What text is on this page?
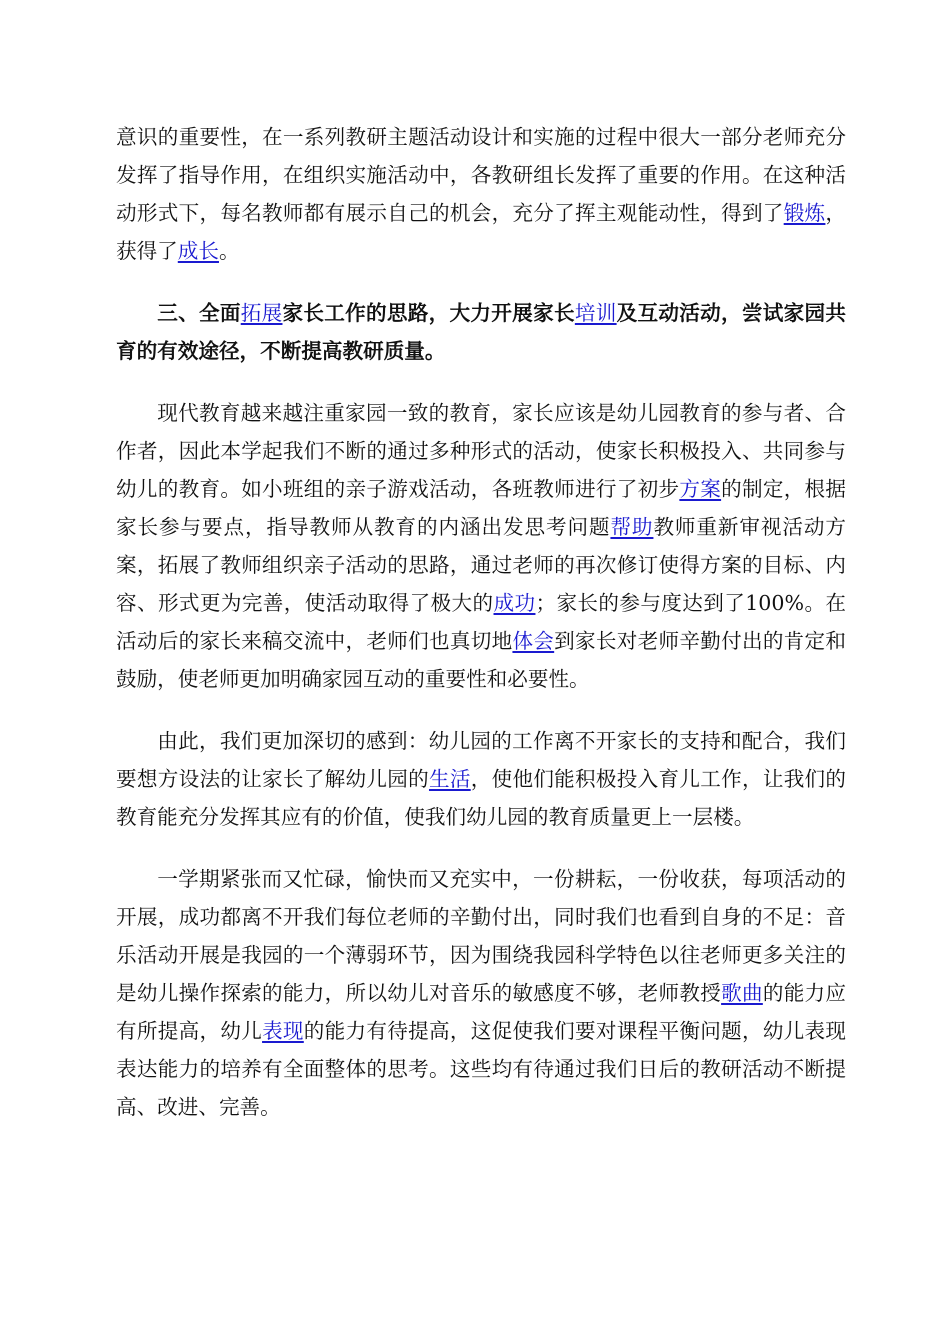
意识的重要性，在一系列教研主题活动设计和实施的过程中很大一部分老师充分发挥了指导作用，在组织实施活动中，各教研组长发挥了重要的作用。在这种活动形式下，每名教师都有展示自己的机会，充分了挥主观能动性，得到了锻炼，获得了成长。

三、全面拓展家长工作的思路，大力开展家长培训及互动活动，尝试家园共育的有效途径，不断提高教研质量。

现代教育越来越注重家园一致的教育，家长应该是幼儿园教育的参与者、合作者，因此本学起我们不断的通过多种形式的活动，使家长积极投入、共同参与幼儿的教育。如小班组的亲子游戏活动，各班教师进行了初步方案的制定，根据家长参与要点，指导教师从教育的内涵出发思考问题帮助教师重新审视活动方案，拓展了教师组织亲子活动的思路，通过老师的再次修订使得方案的目标、内容、形式更为完善，使活动取得了极大的成功；家长的参与度达到了100%。在活动后的家长来稿交流中，老师们也真切地体会到家长对老师辛勤付出的肯定和鼓励，使老师更加明确家园互动的重要性和必要性。

由此，我们更加深切的感到：幼儿园的工作离不开家长的支持和配合，我们要想方设法的让家长了解幼儿园的生活，使他们能积极投入育儿工作，让我们的教育能充分发挥其应有的价值，使我们幼儿园的教育质量更上一层楼。

一学期紧张而又忙碌，愉快而又充实中，一份耕耘，一份收获，每项活动的开展，成功都离不开我们每位老师的辛勤付出，同时我们也看到自身的不足：音乐活动开展是我园的一个薄弱环节，因为围绕我园科学特色以往老师更多关注的是幼儿操作探索的能力，所以幼儿对音乐的敏感度不够，老师教授歌曲的能力应有所提高，幼儿表现的能力有待提高，这促使我们要对课程平衡问题，幼儿表现表达能力的培养有全面整体的思考。这些均有待通过我们日后的教研活动不断提高、改进、完善。
